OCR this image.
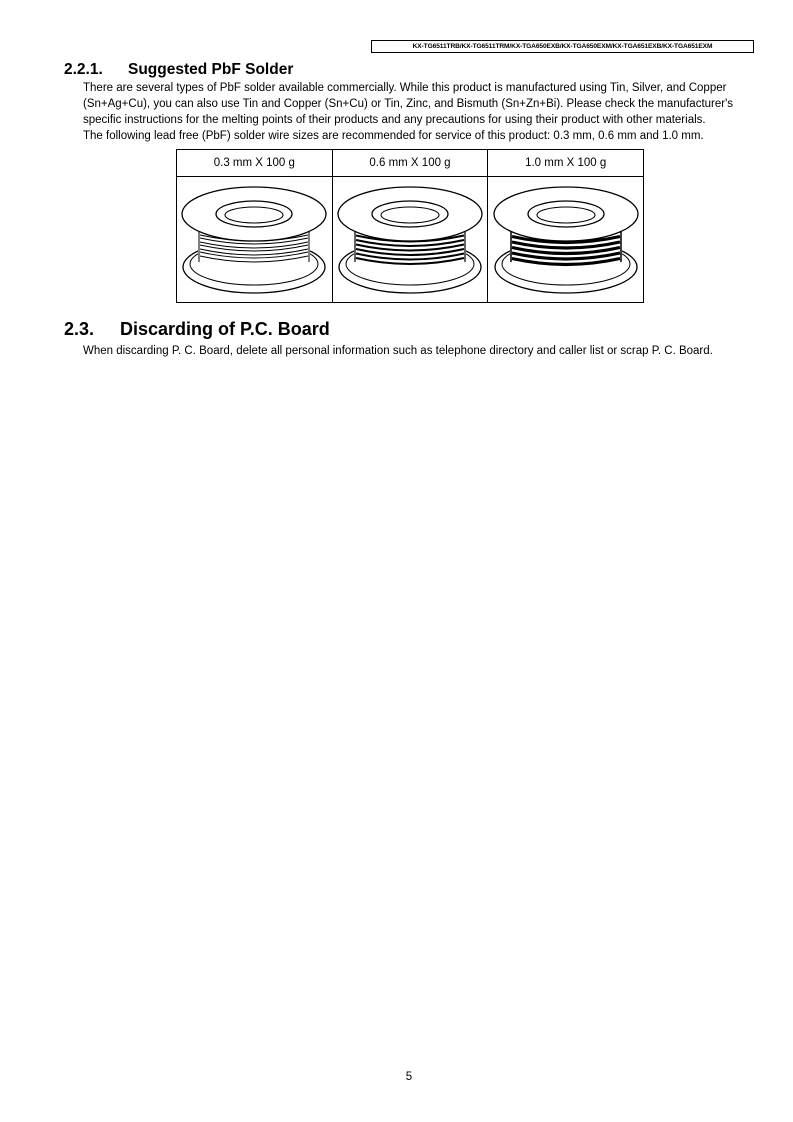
KX-TG6511TRB/KX-TG6511TRM/KX-TGA650EXB/KX-TGA650EXM/KX-TGA651EXB/KX-TGA651EXM
2.2.1. Suggested PbF Solder
There are several types of PbF solder available commercially. While this product is manufactured using Tin, Silver, and Copper
(Sn+Ag+Cu), you can also use Tin and Copper (Sn+Cu) or Tin, Zinc, and Bismuth (Sn+Zn+Bi). Please check the manufacturer's
specific instructions for the melting points of their products and any precautions for using their product with other materials.
The following lead free (PbF) solder wire sizes are recommended for service of this product: 0.3 mm, 0.6 mm and 1.0 mm.
0.3 mm X 100 g	0.6 mm X 100 g	1.0 mm X 100 g

2.3. Discarding of P.C. Board
When discarding P. C. Board, delete all personal information such as telephone directory and caller list or scrap P. C. Board.
5
